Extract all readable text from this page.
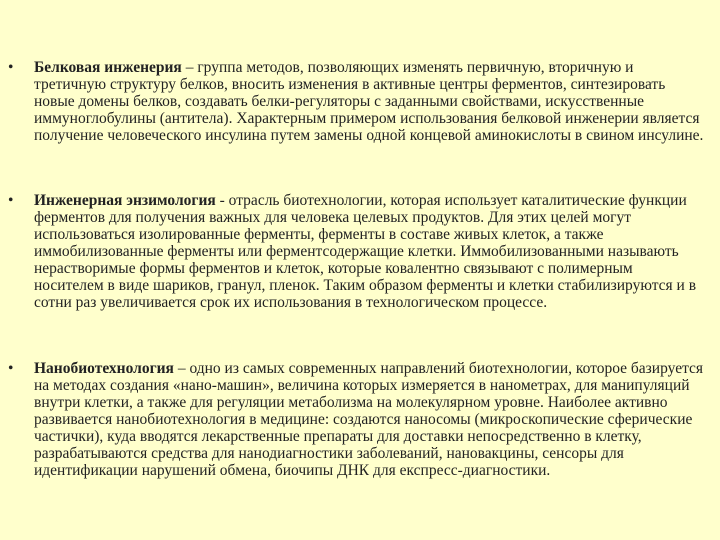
• Белковая инженерия – группа методов, позволяющих изменять первичную, вторичную и третичную структуру белков, вносить изменения в активные центры ферментов, синтезировать новые домены белков, создавать белки-регуляторы с заданными свойствами, искусственные иммуноглобулины (антитела). Характерным примером использования белковой инженерии является получение человеческого инсулина путем замены одной концевой аминокислоты в свином инсулине.
• Инженерная энзимология - отрасль биотехнологии, которая использует каталитические функции ферментов для получения важных для человека целевых продуктов. Для этих целей могут использоваться изолированные ферменты, ферменты в составе живых клеток, а также иммобилизованные ферменты или ферментсодержащие клетки. Иммобилизованными называють нерастворимые формы ферментов и клеток, которые ковалентно связывают с полимерным носителем в виде шариков, гранул, пленок. Таким образом ферменты и клетки стабилизируются и в сотни раз увеличивается срок их использования в технологическом процессе.
• Нанобиотехнология – одно из самых современных направлений биотехнологии, которое базируется на методах создания «нано-машин», величина которых измеряется в нанометрах, для манипуляций внутри клетки, а также для регуляции метаболизма на молекулярном уровне. Наиболее активно развивается нанобиотехнология в медицине: создаются наносомы (микроскопические сферические частички), куда вводятся лекарственные препараты для доставки непосредственно в клетку, разрабатываются средства для нанодиагностики заболеваний, нановакцины, сенсоры для идентификации нарушений обмена, биочипы ДНК для експресс-диагностики.
